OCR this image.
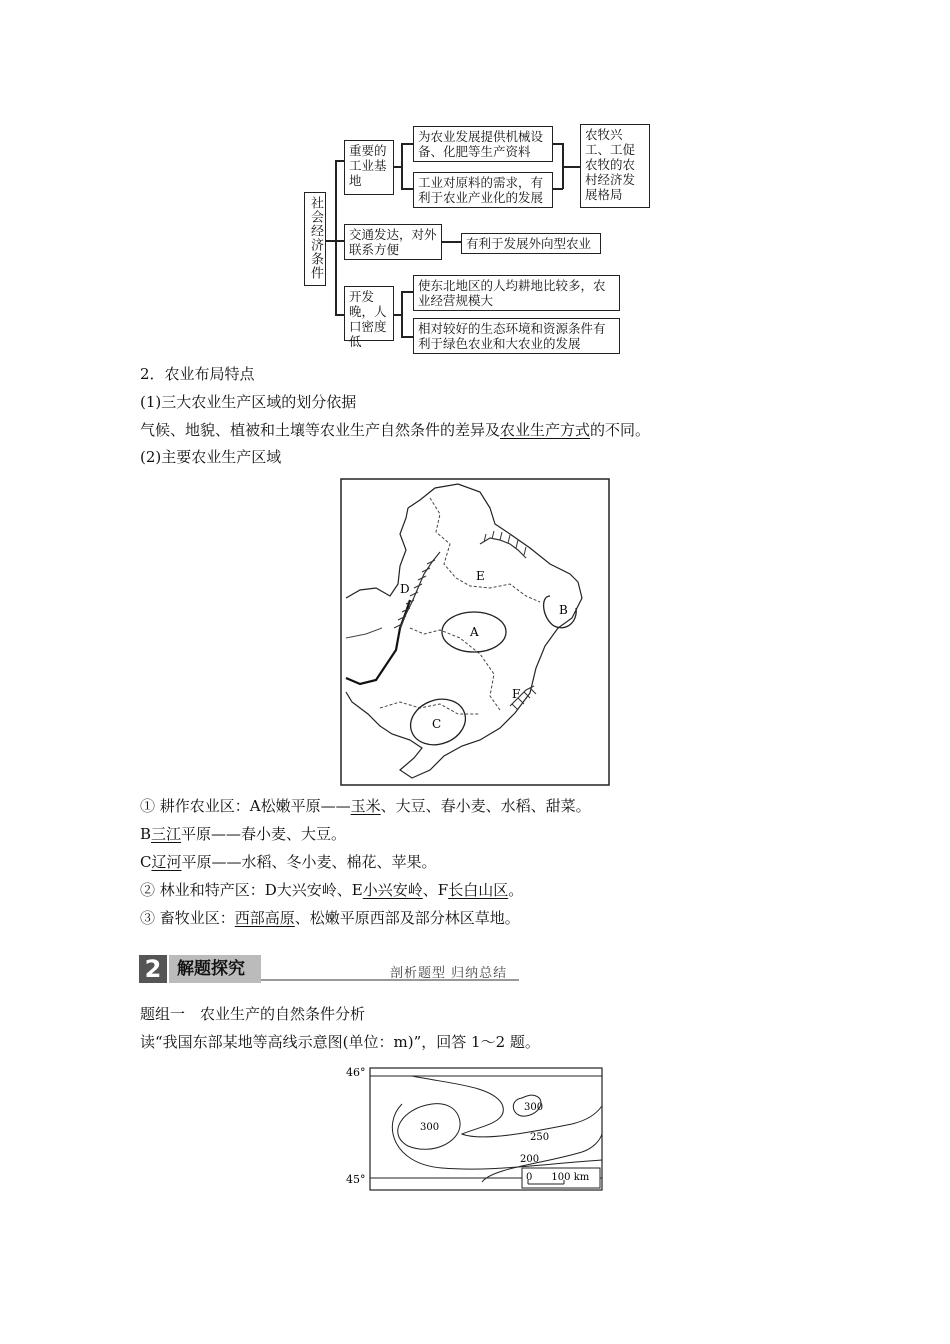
社会经济条件
重要的工业基地
为农业发展提供机械设备、化肥等生产资料
工业对原料的需求，有利于农业产业化的发展
农牧兴工、工促农牧的农村经济发展格局
交通发达，对外联系方便	有利于发展外向型农业
开发晚，人口密度低
使东北地区的人均耕地比较多，农业经营规模大
相对较好的生态环境和资源条件有利于绿色农业和大农业的发展
2．农业布局特点
(1)三大农业生产区域的划分依据
气候、地貌、植被和土壤等农业生产自然条件的差异及农业生产方式的不同。
(2)主要农业生产区域
A
B
C
D
E
F
① 耕作农业区：A松嫩平原——玉米、大豆、春小麦、水稻、甜菜。
B三江平原——春小麦、大豆。
C辽河平原——水稻、冬小麦、棉花、苹果。
② 林业和特产区：D大兴安岭、E小兴安岭、F长白山区。
③ 畜牧业区：西部高原、松嫩平原西部及部分林区草地。
2 解题探究	剖析题型 归纳总结
题组一　农业生产的自然条件分析
读“我国东部某地等高线示意图(单位：m)”，回答 1～2 题。
46°
45°
300
300
250
200
0      100 km
